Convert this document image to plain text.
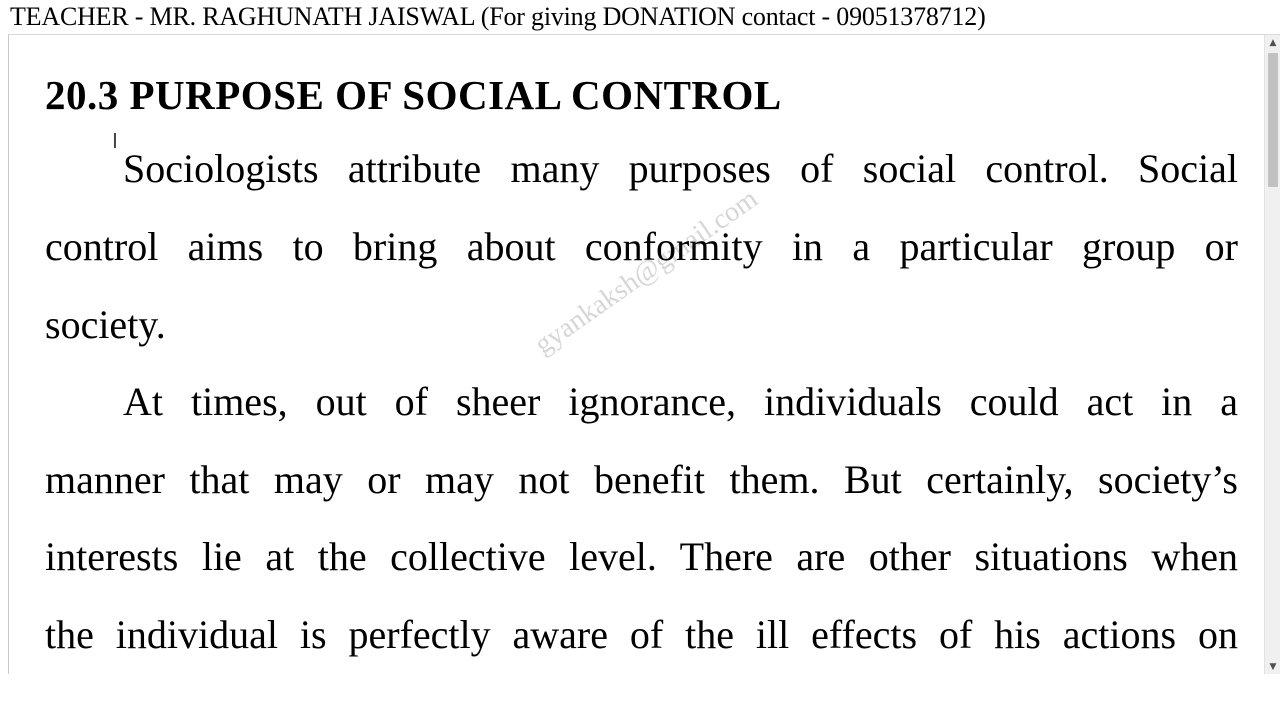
TEACHER - MR. RAGHUNATH JAISWAL (For giving DONATION contact - 09051378712)
20.3 PURPOSE OF SOCIAL CONTROL
I
gyankaksh@gmail.com
Sociologists attribute many purposes of social control. Social
control aims to bring about conformity in a particular group or
society.
At times, out of sheer ignorance, individuals could act in a
manner that may or may not benefit them. But certainly, society’s
interests lie at the collective level. There are other situations when
the individual is perfectly aware of the ill effects of his actions on
▲
▼
